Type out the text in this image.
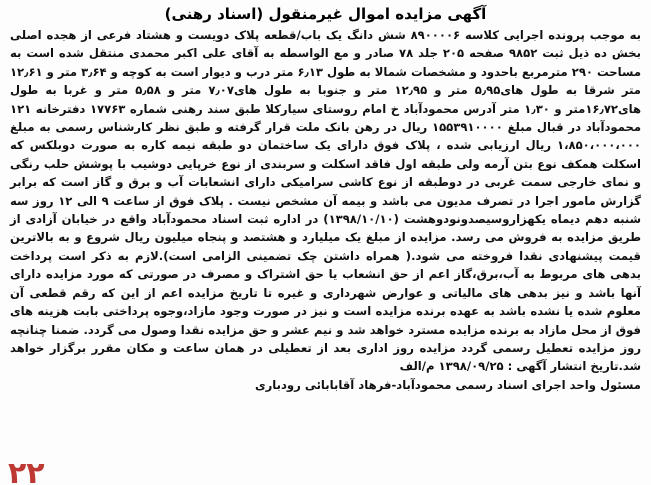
آگهی مزایده اموال غیرمنقول (اسناد رهنی)

به موجب پرونده اجرایی کلاسه ۸۹۰۰۰۰۶ شش دانگ یک باب/قطعه پلاک دویست و هشتاد فرعی از هجده اصلی بخش ده ذیل ثبت ۹۸۵۲ صفحه ۲۰۵ جلد ۷۸ صادر و مع الواسطه به آقای علی اکبر محمدی منتقل شده است به مساحت ۲۹۰ مترمربع باحدود و مشخصات شمالا به طول ۶٫۱۳ متر درب و دیوار است به کوچه و ۳٫۶۴ متر و ۱۲٫۶۱ متر شرقا به طول های۵٫۹۵ متر و ۱۲٫۹۵ متر و جنوبا به طول های۷٫۰۷ متر و ۵٫۵۸ متر و غربا به طول های۱۶٫۷۲متر و ۱٫۳۰ متر آدرس محمودآباد خ امام روستای سیارکلا طبق سند رهنی شماره ۱۷۷۶۳ دفترخانه ۱۲۱ محمودآباد در قبال مبلغ ۱۵۵۳۹۱۰۰۰۰ ریال در رهن بانک ملت قرار گرفته و طبق نظر کارشناس رسمی به مبلغ ۱،۸۵۰،۰۰۰،۰۰۰ ریال ارزیابی شده ، پلاک فوق دارای یک ساختمان دو طبقه نیمه کاره به صورت دوبلکس که اسکلت همکف نوع بتن آرمه ولی طبقه اول فاقد اسکلت و سربندی از نوع خرپایی دوشیب با پوشش حلب رنگی و نمای خارجی سمت غربی در دوطبقه از نوع کاشی سرامیکی دارای انشعابات آب و برق و گاز است که برابر گزارش مامور اجرا در تصرف مدیون می باشد و بیمه آن مشخص نیست . پلاک فوق از ساعت ۹ الی ۱۲ روز سه شنبه دهم دیماه یکهزاروسیصدونودوهشت (۱۳۹۸/۱۰/۱۰) در اداره ثبت اسناد محمودآباد واقع در خیابان آزادی از طریق مزایده به فروش می رسد. مزایده از مبلغ یک میلیارد و هشتصد و پنجاه میلیون ریال شروع و به بالاترین قیمت پیشنهادی نقدا فروخته می شود.( همراه داشتن چک تضمینی الزامی است).لازم به ذکر است پرداخت بدهی های مربوط به آب،برق،گاز اعم از حق انشعاب یا حق اشتراک و مصرف در صورتی که مورد مزایده دارای آنها باشد و نیز بدهی های مالیاتی و عوارض شهرداری و غیره تا تاریخ مزایده اعم از این که رقم قطعی آن معلوم شده یا نشده باشد به عهده برنده مزایده است و نیز در صورت وجود مازاد،وجوه پرداختی بابت هزینه های فوق از محل مازاد به برنده مزایده مسترد خواهد شد و نیم عشر و حق مزایده نقدا وصول می گردد. ضمنا چنانچه روز مزایده تعطیل رسمی گردد مزایده روز اداری بعد از تعطیلی در همان ساعت و مکان مقرر برگزار خواهد شد.تاریخ انتشار آگهی : ۱۳۹۸/۰۹/۲۵ م/الف

مسئول واحد اجرای اسناد رسمی محمودآباد-فرهاد آقابابائی رودباری
۲۲
